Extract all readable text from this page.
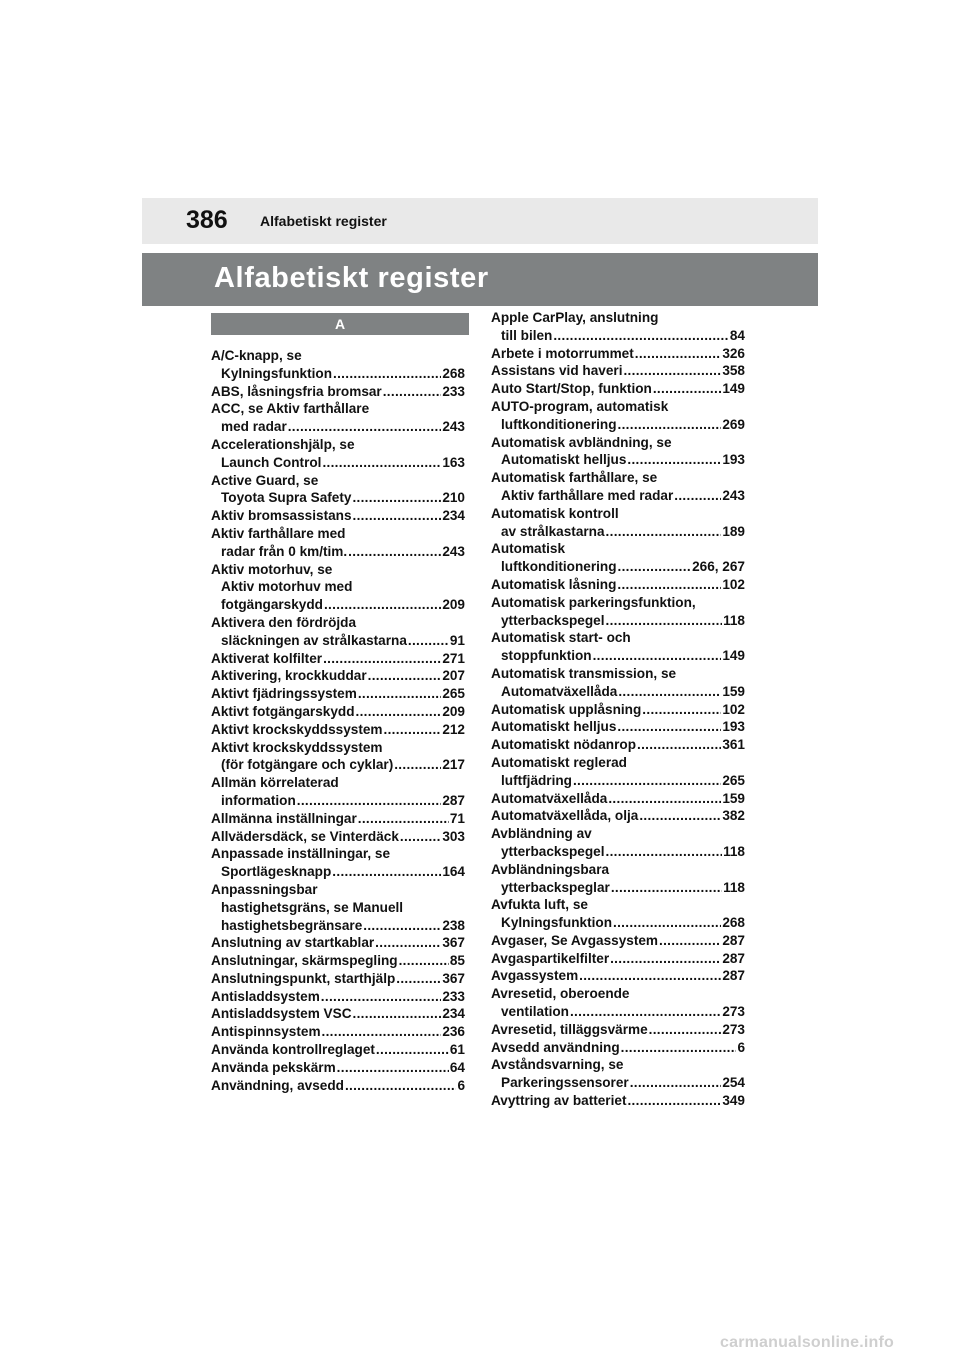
386 Alfabetiskt register
Alfabetiskt register
A
A/C-knapp, se
Kylningsfunktion .....	268
ABS, låsningsfria bromsar .....	233
ACC, se Aktiv farthållare
med radar .....	243
Accelerationshjälp, se
Launch Control .....	163
Active Guard, se
Toyota Supra Safety .....	210
Aktiv bromsassistans .....	234
Aktiv farthållare med
radar från 0 km/tim. .....	243
Aktiv motorhuv, se
Aktiv motorhuv med
fotgängarskydd .....	209
Aktivera den fördröjda
släckningen av strålkastarna .....	91
Aktiverat kolfilter .....	271
Aktivering, krockkuddar .....	207
Aktivt fjädringssystem .....	265
Aktivt fotgängarskydd .....	209
Aktivt krockskyddssystem .....	212
Aktivt krockskyddssystem
(för fotgängare och cyklar) .....	217
Allmän körrelaterad
information .....	287
Allmänna inställningar .....	71
Allvädersdäck, se Vinterdäck .....	303
Anpassade inställningar, se
Sportlägesknapp .....	164
Anpassningsbar
hastighetsgräns, se Manuell
hastighetsbegränsare .....	238
Anslutning av startkablar .....	367
Anslutningar, skärmspegling .....	85
Anslutningspunkt, starthjälp .....	367
Antisladdsystem .....	233
Antisladdsystem VSC .....	234
Antispinnsystem .....	236
Använda kontrollreglaget .....	61
Använda pekskärm .....	64
Användning, avsedd .....	6
Apple CarPlay, anslutning
till bilen .....	84
Arbete i motorrummet .....	326
Assistans vid haveri .....	358
Auto Start/Stop, funktion .....	149
AUTO-program, automatisk
luftkonditionering .....	269
Automatisk avbländning, se
Automatiskt helljus .....	193
Automatisk farthållare, se
Aktiv farthållare med radar .....	243
Automatisk kontroll
av strålkastarna .....	189
Automatisk
luftkonditionering .....	266, 267
Automatisk låsning .....	102
Automatisk parkeringsfunktion,
ytterbackspegel .....	118
Automatisk start- och
stoppfunktion .....	149
Automatisk transmission, se
Automatväxellåda .....	159
Automatisk upplåsning .....	102
Automatiskt helljus .....	193
Automatiskt nödanrop .....	361
Automatiskt reglerad
luftfjädring .....	265
Automatväxellåda .....	159
Automatväxellåda, olja .....	382
Avbländning av
ytterbackspegel .....	118
Avbländningsbara
ytterbackspeglar .....	118
Avfukta luft, se
Kylningsfunktion .....	268
Avgaser, Se Avgassystem .....	287
Avgaspartikelfilter .....	287
Avgassystem .....	287
Avresetid, oberoende
ventilation .....	273
Avresetid, tilläggsvärme .....	273
Avsedd användning .....	6
Avståndsvarning, se
Parkeringssensorer .....	254
Avyttring av batteriet .....	349
carmanualsonline.info
